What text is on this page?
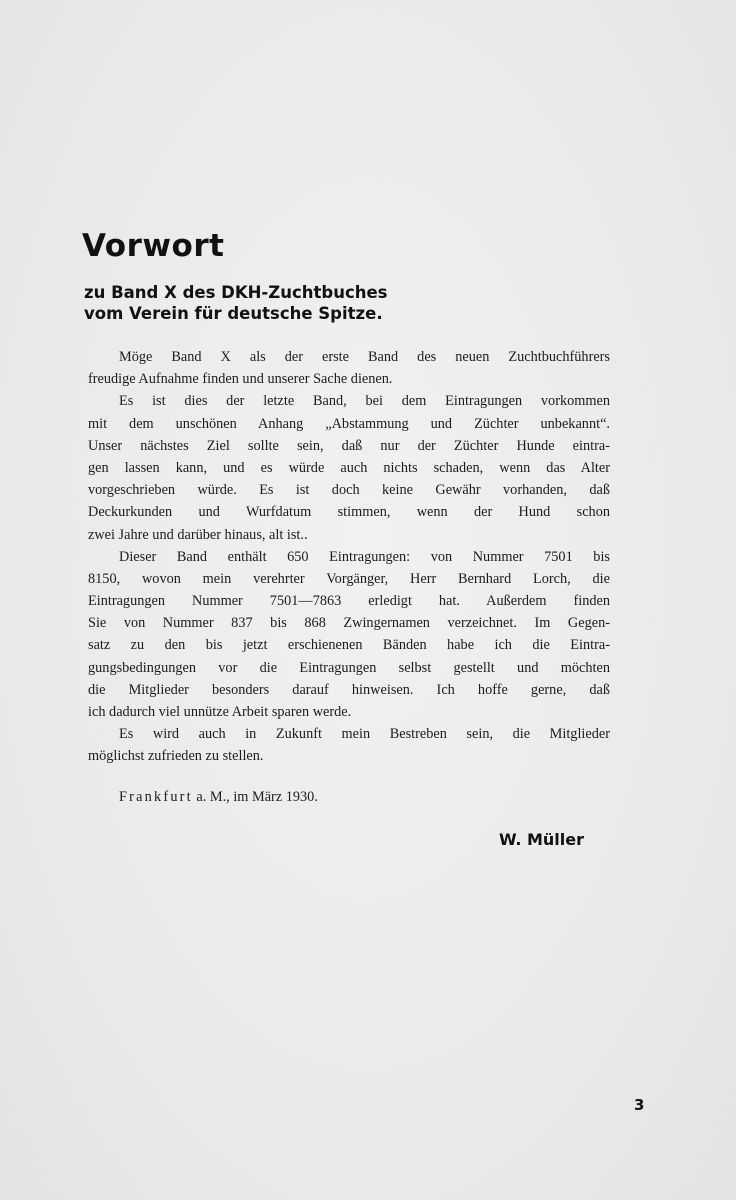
Vorwort
zu Band X des DKH-Zuchtbuches
vom Verein für deutsche Spitze.
Möge Band X als der erste Band des neuen Zuchtbuchführers
freudige Aufnahme finden und unserer Sache dienen.
Es ist dies der letzte Band, bei dem Eintragungen vorkommen
mit dem unschönen Anhang „Abstammung und Züchter unbekannt“.
Unser nächstes Ziel sollte sein, daß nur der Züchter Hunde eintra-
gen lassen kann, und es würde auch nichts schaden, wenn das Alter
vorgeschrieben würde. Es ist doch keine Gewähr vorhanden, daß
Deckurkunden und Wurfdatum stimmen, wenn der Hund schon
zwei Jahre und darüber hinaus, alt ist..
Dieser Band enthält 650 Eintragungen: von Nummer 7501 bis
8150, wovon mein verehrter Vorgänger, Herr Bernhard Lorch, die
Eintragungen Nummer 7501—7863 erledigt hat. Außerdem finden
Sie von Nummer 837 bis 868 Zwingernamen verzeichnet. Im Gegen-
satz zu den bis jetzt erschienenen Bänden habe ich die Eintra-
gungsbedingungen vor die Eintragungen selbst gestellt und möchten
die Mitglieder besonders darauf hinweisen. Ich hoffe gerne, daß
ich dadurch viel unnütze Arbeit sparen werde.
Es wird auch in Zukunft mein Bestreben sein, die Mitglieder
möglichst zufrieden zu stellen.
Frankfurt a. M., im März 1930.
W. Müller
3
